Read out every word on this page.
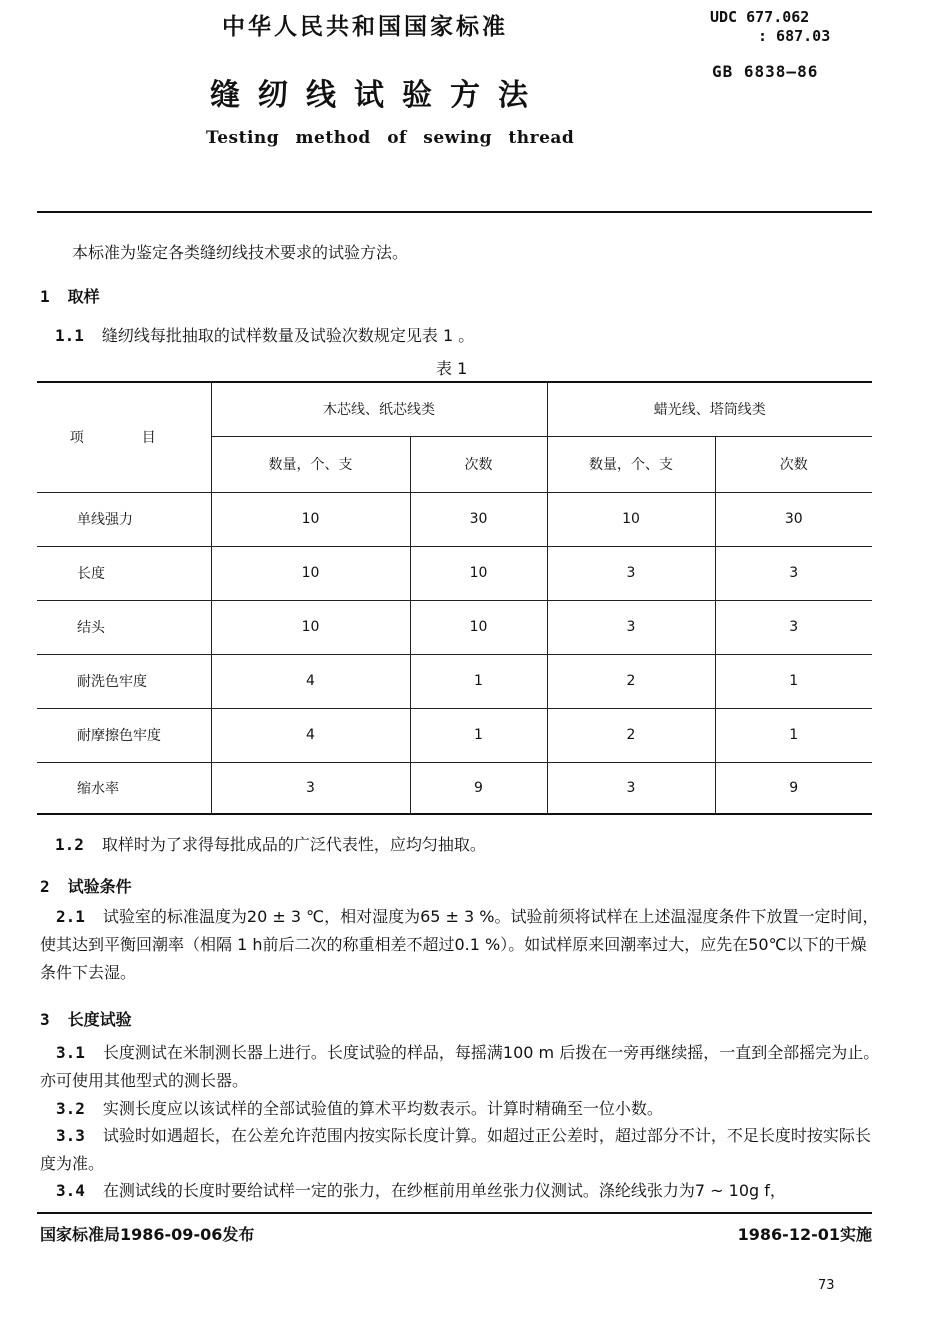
中华人民共和国国家标准	UDC 677.062
: 687.03
GB 6838—86
缝纫线试验方法
Testing method of sewing thread
本标准为鉴定各类缝纫线技术要求的试验方法。
1 取样
1.1 缝纫线每批抽取的试样数量及试验次数规定见表 1 。
表 1
项　目	木芯线、纸芯线类		蜡光线、塔筒线类	
	数量，个、支	次数	数量，个、支	次数
单线强力	10	30	10	30
长度	10	10	3	3
结头	10	10	3	3
耐洗色牢度	4	1	2	1
耐摩擦色牢度	4	1	2	1
缩水率	3	9	3	9
1.2 取样时为了求得每批成品的广泛代表性，应均匀抽取。
2 试验条件
2.1 试验室的标准温度为20 ± 3 ℃，相对湿度为65 ± 3 %。试验前须将试样在上述温湿度条件下放置一定时间，使其达到平衡回潮率（相隔 1 h前后二次的称重相差不超过0.1 %）。如试样原来回潮率过大，应先在50℃以下的干燥条件下去湿。
3 长度试验
3.1 长度测试在米制测长器上进行。长度试验的样品，每摇满100 m 后拨在一旁再继续摇，一直到全部摇完为止。亦可使用其他型式的测长器。
3.2 实测长度应以该试样的全部试验值的算术平均数表示。计算时精确至一位小数。
3.3 试验时如遇超长，在公差允许范围内按实际长度计算。如超过正公差时，超过部分不计，不足长度时按实际长度为准。
3.4 在测试线的长度时要给试样一定的张力，在纱框前用单丝张力仪测试。涤纶线张力为7 ~ 10g f，
国家标准局1986-09-06发布	1986-12-01实施
73
